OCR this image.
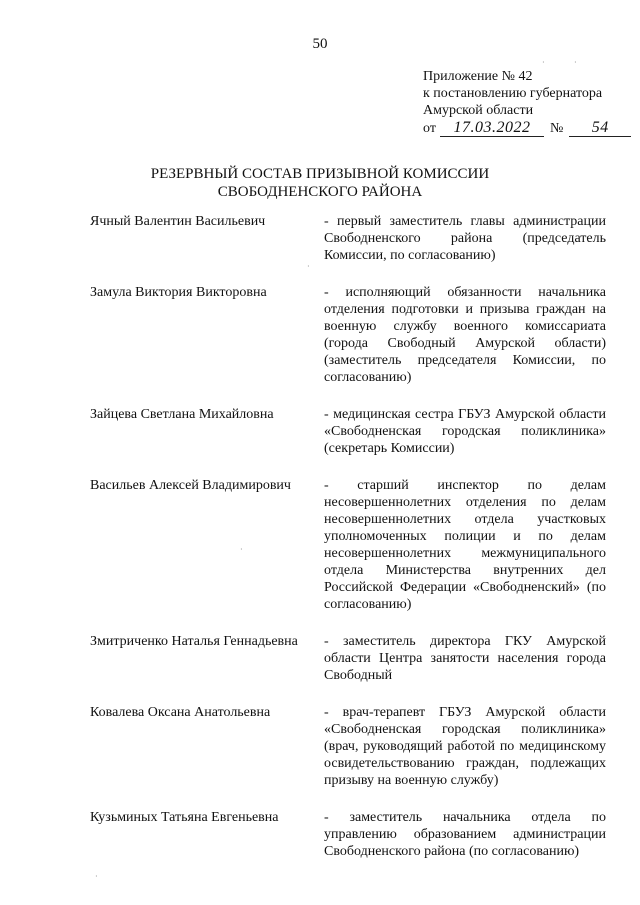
50
Приложение № 42
к постановлению губернатора
Амурской области
от	17.03.2022	№	54
РЕЗЕРВНЫЙ СОСТАВ ПРИЗЫВНОЙ КОМИССИИ
СВОБОДНЕНСКОГО РАЙОНА
Ячный Валентин Васильевич	- первый заместитель главы администрации Свободненского района (председатель Комиссии, по согласованию)
Замула Виктория Викторовна	- исполняющий обязанности начальника отделения подготовки и призыва граждан на военную службу военного комиссариата (города Свободный Амурской области) (заместитель председателя Комиссии, по согласованию)
Зайцева Светлана Михайловна	- медицинская сестра ГБУЗ Амурской области «Свободненская городская поликлиника» (секретарь Комиссии)
Васильев Алексей Владимирович	- старший инспектор по делам несовершеннолетних отделения по делам несовершеннолетних отдела участковых уполномоченных полиции и по делам несовершеннолетних межмуниципального отдела Министерства внутренних дел Российской Федерации «Свободненский» (по согласованию)
Змитриченко Наталья Геннадьевна	- заместитель директора ГКУ Амурской области Центра занятости населения города Свободный
Ковалева Оксана Анатольевна	- врач-терапевт ГБУЗ Амурской области «Свободненская городская поликлиника» (врач, руководящий работой по медицинскому освидетельствованию граждан, подлежащих призыву на военную службу)
Кузьминых Татьяна Евгеньевна	- заместитель начальника отдела по управлению образованием администрации Свободненского района (по согласованию)
·	·
·
·
·
